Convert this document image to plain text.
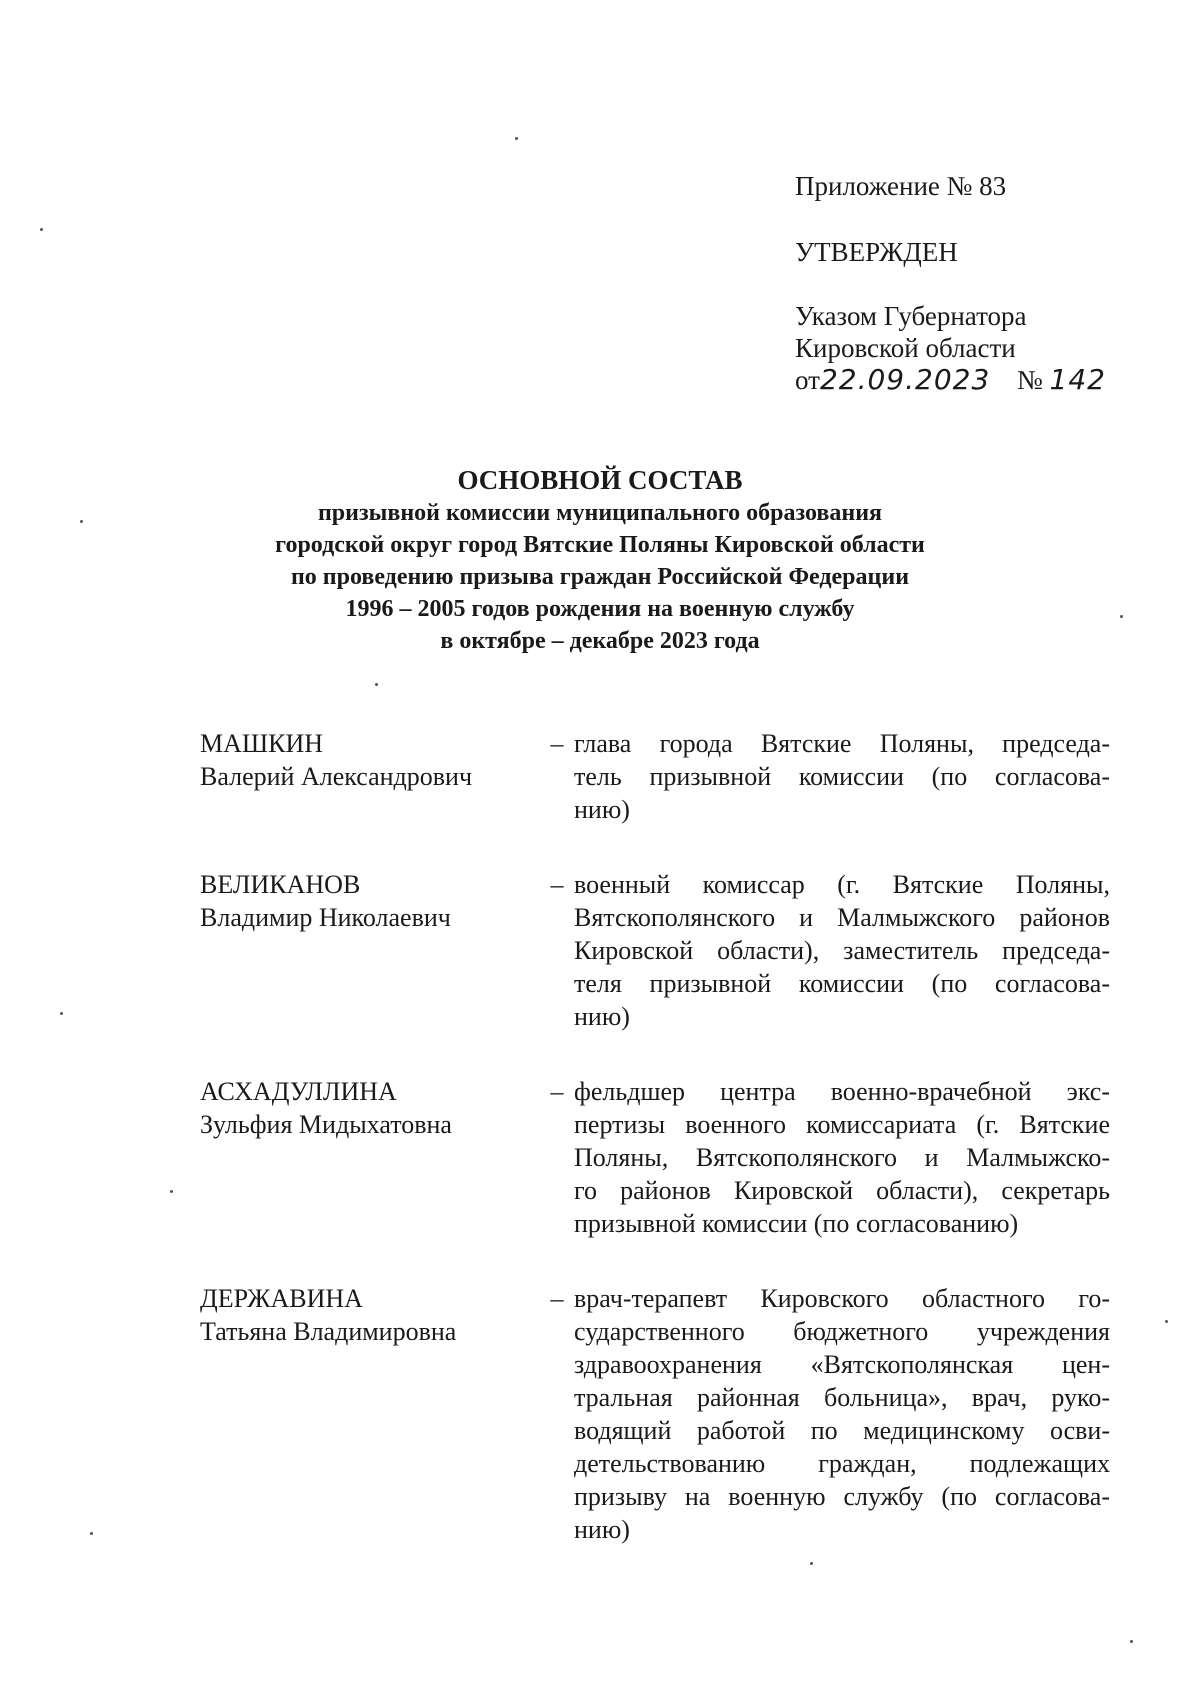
Приложение № 83
УТВЕРЖДЕН
Указом Губернатора
Кировской области
от22.09.2023 № 142
ОСНОВНОЙ СОСТАВ
призывной комиссии муниципального образования
городской округ город Вятские Поляны Кировской области
по проведению призыва граждан Российской Федерации
1996 – 2005 годов рождения на военную службу
в октябре – декабре 2023 года
МАШКИН
Валерий Александрович
– глава города Вятские Поляны, председа-
тель призывной комиссии (по согласова-
нию)
ВЕЛИКАНОВ
Владимир Николаевич
– военный комиссар (г. Вятские Поляны,
Вятскополянского и Малмыжского районов
Кировской области), заместитель председа-
теля призывной комиссии (по согласова-
нию)
АСХАДУЛЛИНА
Зульфия Мидыхатовна
– фельдшер центра военно-врачебной экс-
пертизы военного комиссариата (г. Вятские
Поляны, Вятскополянского и Малмыжско-
го районов Кировской области), секретарь
призывной комиссии (по согласованию)
ДЕРЖАВИНА
Татьяна Владимировна
– врач-терапевт Кировского областного го-
сударственного бюджетного учреждения
здравоохранения «Вятскополянская цен-
тральная районная больница», врач, руко-
водящий работой по медицинскому осви-
детельствованию граждан, подлежащих
призыву на военную службу (по согласова-
нию)
